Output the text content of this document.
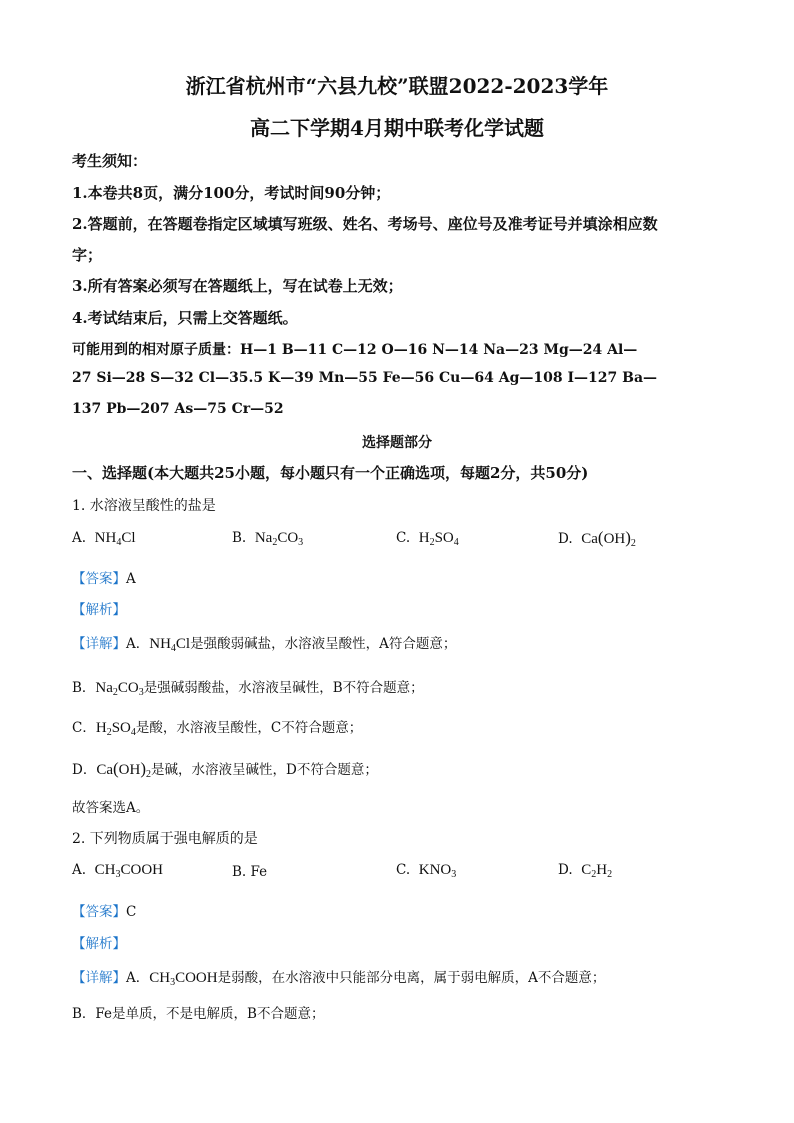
浙江省杭州市“六县九校”联盟2022-2023学年
高二下学期4月期中联考化学试题
考生须知：
1.本卷共8页，满分100分，考试时间90分钟；
2.答题前，在答题卷指定区域填写班级、姓名、考场号、座位号及准考证号并填涂相应数
字；
3.所有答案必须写在答题纸上，写在试卷上无效；
4.考试结束后，只需上交答题纸。
可能用到的相对原子质量：H—1 B—11 C—12 O—16 N—14 Na—23 Mg—24 Al—
27 Si—28 S—32 Cl—35.5 K—39 Mn—55 Fe—56 Cu—64 Ag—108 I—127 Ba—
137 Pb—207 As—75 Cr—52
选择题部分
一、选择题(本大题共25小题，每小题只有一个正确选项，每题2分，共50分)
1. 水溶液呈酸性的盐是
A. $NH_4Cl$	B. $Na_2CO_3$	C. $H_2SO_4$	D. $Ca(OH)_2$
【答案】A
【解析】
【详解】A．$NH_4Cl$是强酸弱碱盐，水溶液呈酸性，A符合题意；
B．$Na_2CO_3$是强碱弱酸盐，水溶液呈碱性，B不符合题意；
C．$H_2SO_4$是酸，水溶液呈酸性，C不符合题意；
D．$Ca(OH)_2$是碱，水溶液呈碱性，D不符合题意；
故答案选A。
2. 下列物质属于强电解质的是
A. $CH_3COOH$	B. Fe	C. $KNO_3$	D. $C_2H_2$
【答案】C
【解析】
【详解】A．$CH_3COOH$是弱酸，在水溶液中只能部分电离，属于弱电解质，A不合题意；
B．Fe是单质，不是电解质，B不合题意；
